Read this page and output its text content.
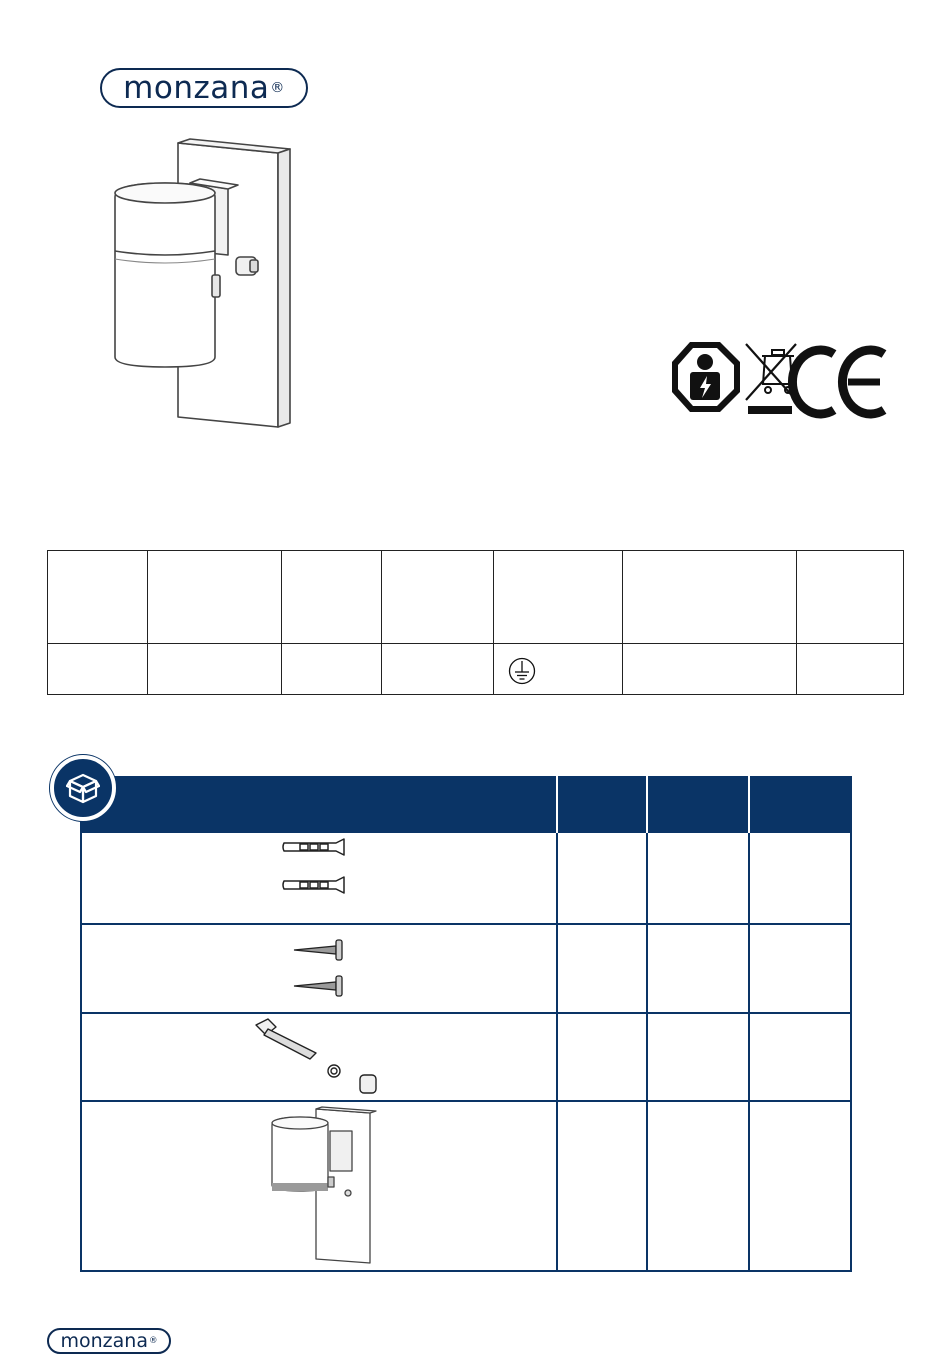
monzana ®

monzana ®
